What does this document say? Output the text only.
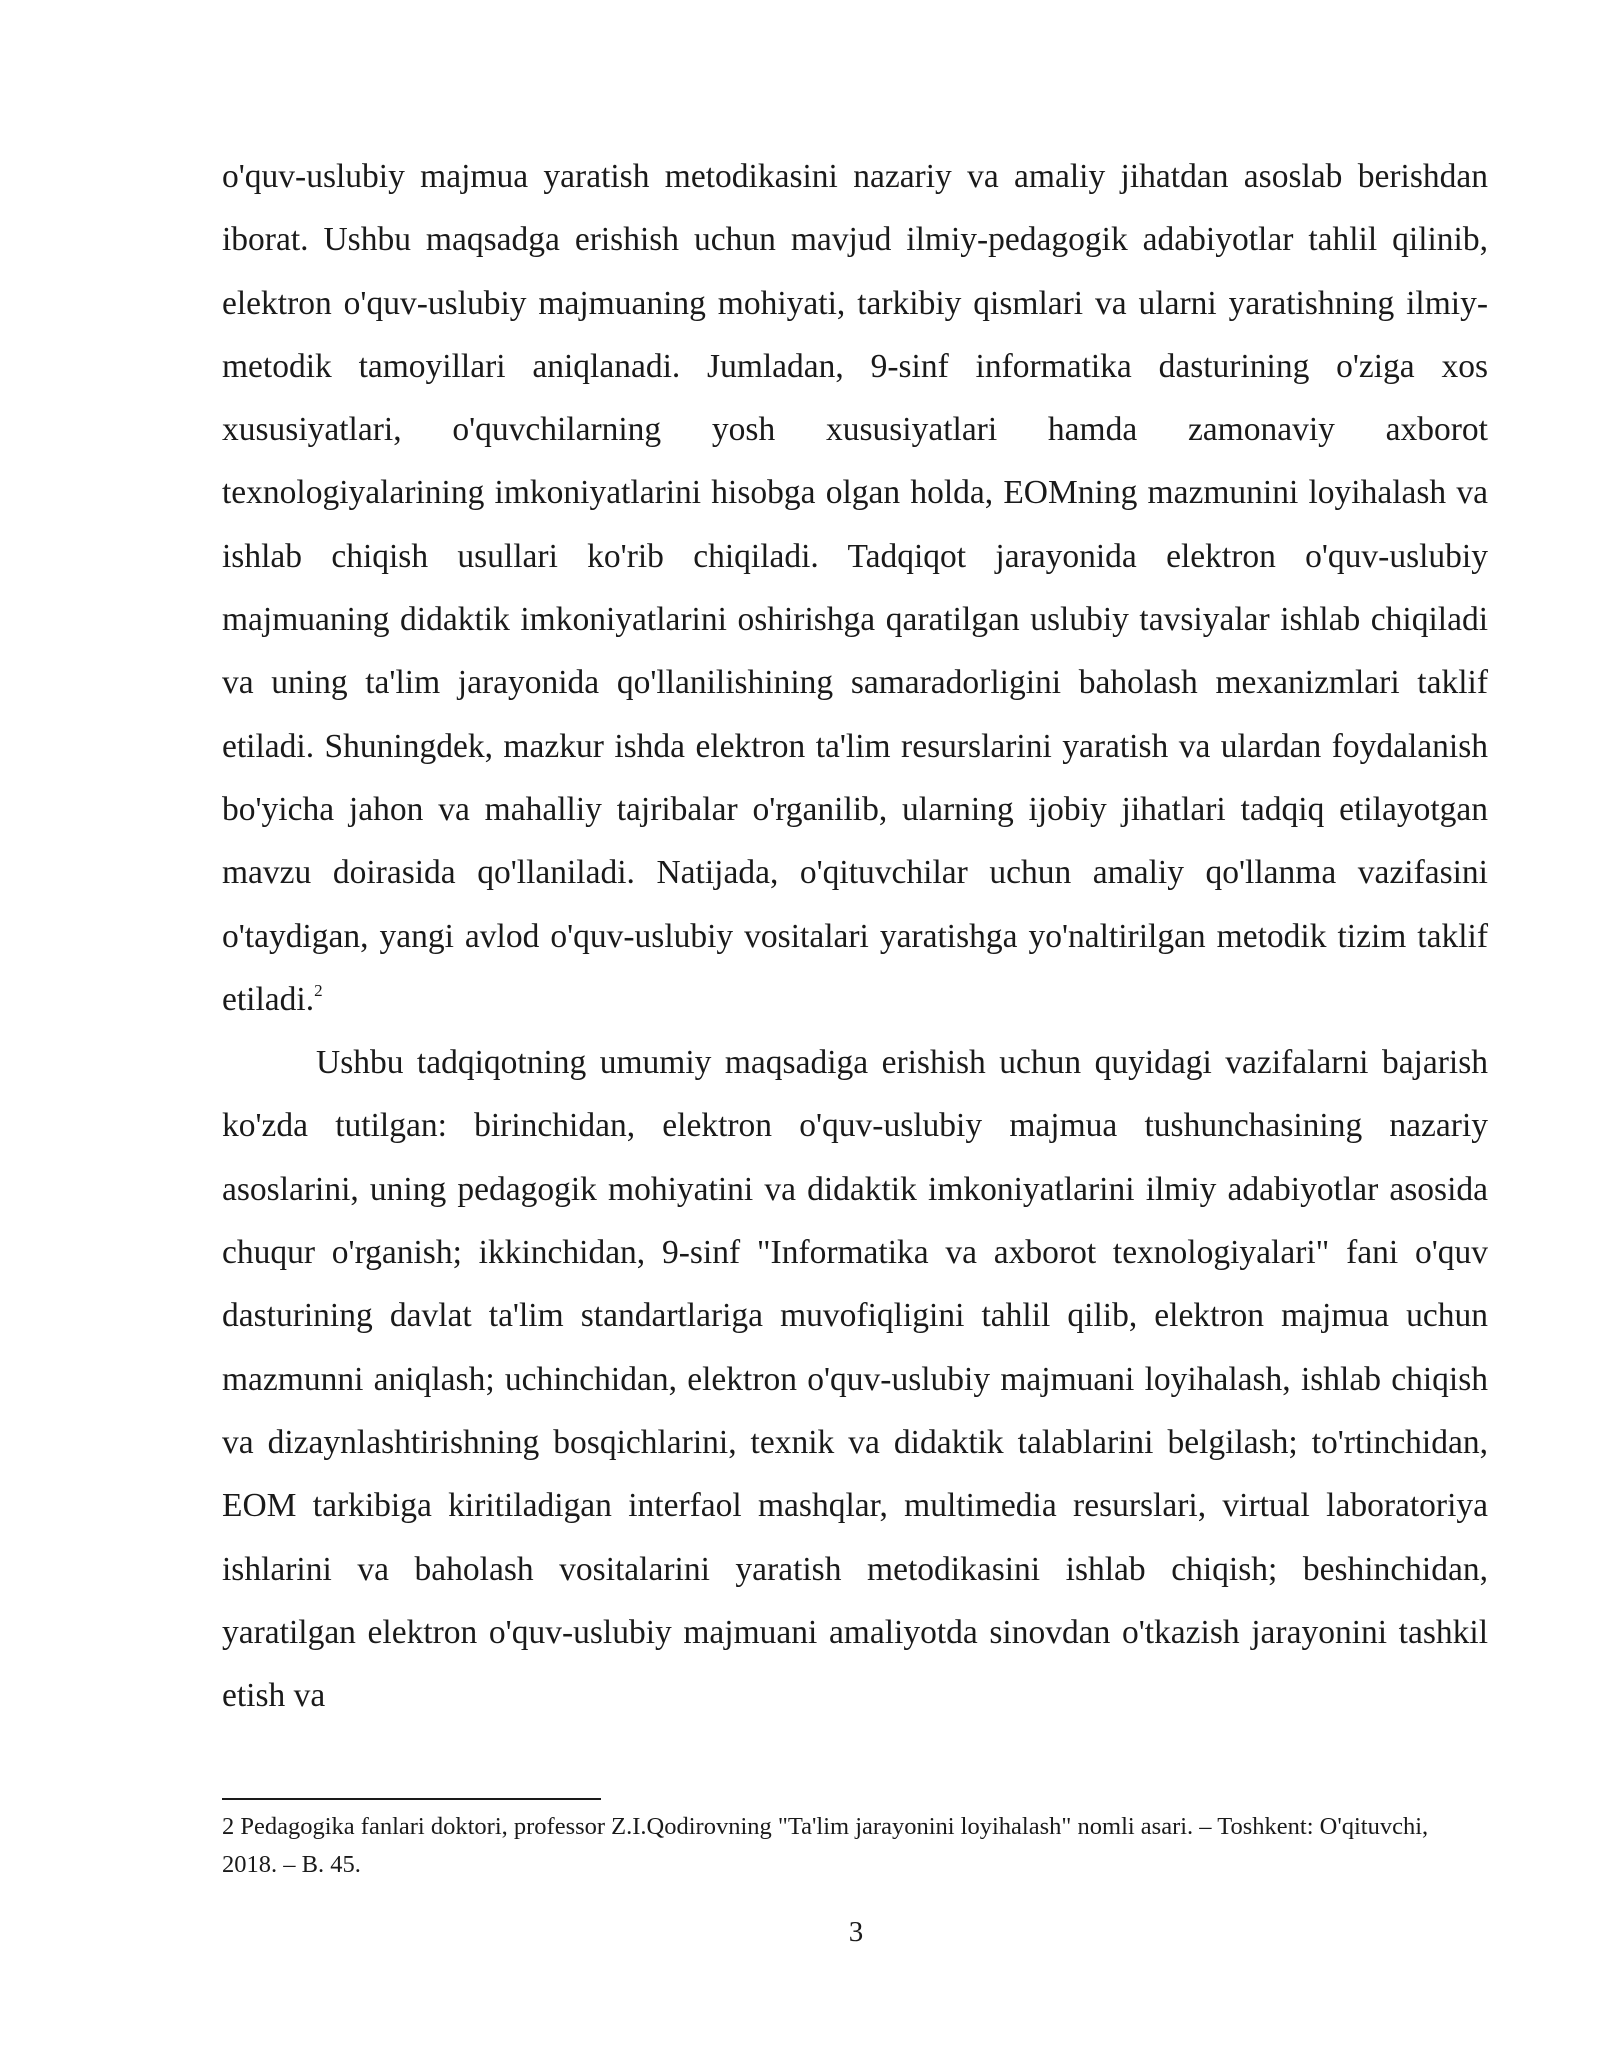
o'quv-uslubiy majmua yaratish metodikasini nazariy va amaliy jihatdan asoslab berishdan iborat. Ushbu maqsadga erishish uchun mavjud ilmiy-pedagogik adabiyotlar tahlil qilinib, elektron o'quv-uslubiy majmuaning mohiyati, tarkibiy qismlari va ularni yaratishning ilmiy-metodik tamoyillari aniqlanadi. Jumladan, 9-sinf informatika dasturining o'ziga xos xususiyatlari, o'quvchilarning yosh xususiyatlari hamda zamonaviy axborot texnologiyalarining imkoniyatlarini hisobga olgan holda, EOMning mazmunini loyihalash va ishlab chiqish usullari ko'rib chiqiladi. Tadqiqot jarayonida elektron o'quv-uslubiy majmuaning didaktik imkoniyatlarini oshirishga qaratilgan uslubiy tavsiyalar ishlab chiqiladi va uning ta'lim jarayonida qo'llanilishining samaradorligini baholash mexanizmlari taklif etiladi. Shuningdek, mazkur ishda elektron ta'lim resurslarini yaratish va ulardan foydalanish bo'yicha jahon va mahalliy tajribalar o'rganilib, ularning ijobiy jihatlari tadqiq etilayotgan mavzu doirasida qo'llaniladi. Natijada, o'qituvchilar uchun amaliy qo'llanma vazifasini o'taydigan, yangi avlod o'quv-uslubiy vositalari yaratishga yo'naltirilgan metodik tizim taklif etiladi.$^2$

Ushbu tadqiqotning umumiy maqsadiga erishish uchun quyidagi vazifalarni bajarish ko'zda tutilgan: birinchidan, elektron o'quv-uslubiy majmua tushunchasining nazariy asoslarini, uning pedagogik mohiyatini va didaktik imkoniyatlarini ilmiy adabiyotlar asosida chuqur o'rganish; ikkinchidan, 9-sinf "Informatika va axborot texnologiyalari" fani o'quv dasturining davlat ta'lim standartlariga muvofiqligini tahlil qilib, elektron majmua uchun mazmunni aniqlash; uchinchidan, elektron o'quv-uslubiy majmuani loyihalash, ishlab chiqish va dizaynlashtirishning bosqichlarini, texnik va didaktik talablarini belgilash; to'rtinchidan, EOM tarkibiga kiritiladigan interfaol mashqlar, multimedia resurslari, virtual laboratoriya ishlarini va baholash vositalarini yaratish metodikasini ishlab chiqish; beshinchidan, yaratilgan elektron o'quv-uslubiy majmuani amaliyotda sinovdan o'tkazish jarayonini tashkil etish va

2 Pedagogika fanlari doktori, professor Z.I.Qodirovning "Ta'lim jarayonini loyihalash" nomli asari. – Toshkent: O'qituvchi, 2018. – B. 45.

3
